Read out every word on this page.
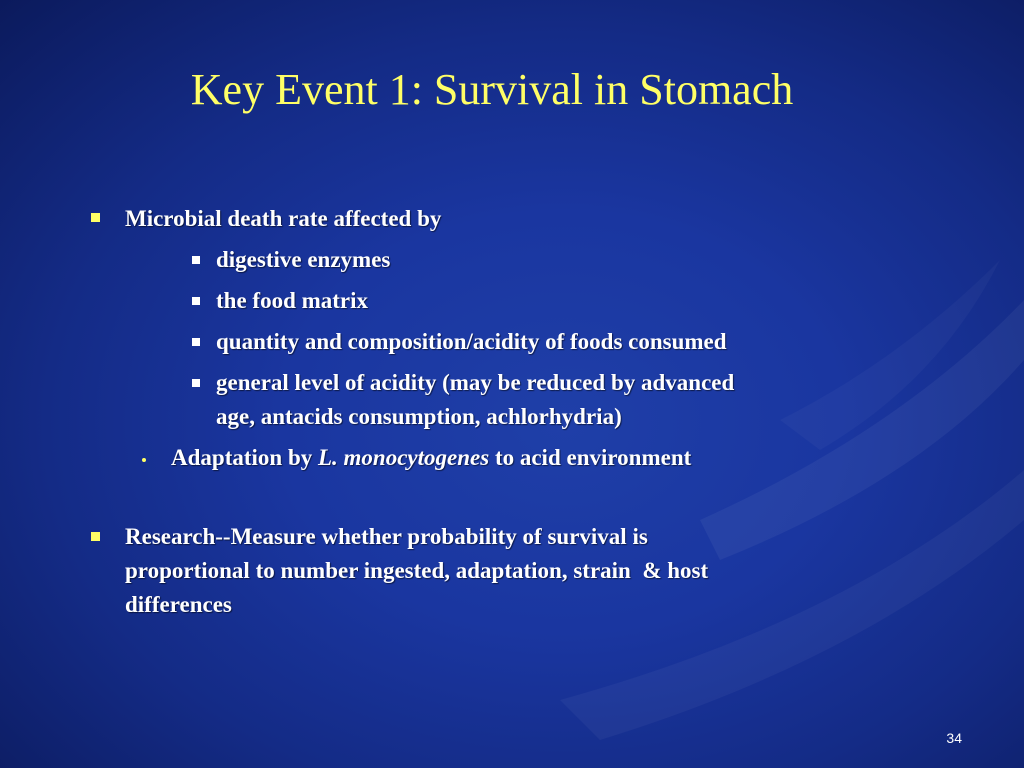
Key Event 1: Survival in Stomach
Microbial death rate affected by
digestive enzymes
the food matrix
quantity and composition/acidity of foods consumed
general level of acidity (may be reduced by advanced
age, antacids consumption, achlorhydria)
Adaptation by L. monocytogenes to acid environment
Research--Measure whether probability of survival is
proportional to number ingested, adaptation, strain  & host
differences
34
